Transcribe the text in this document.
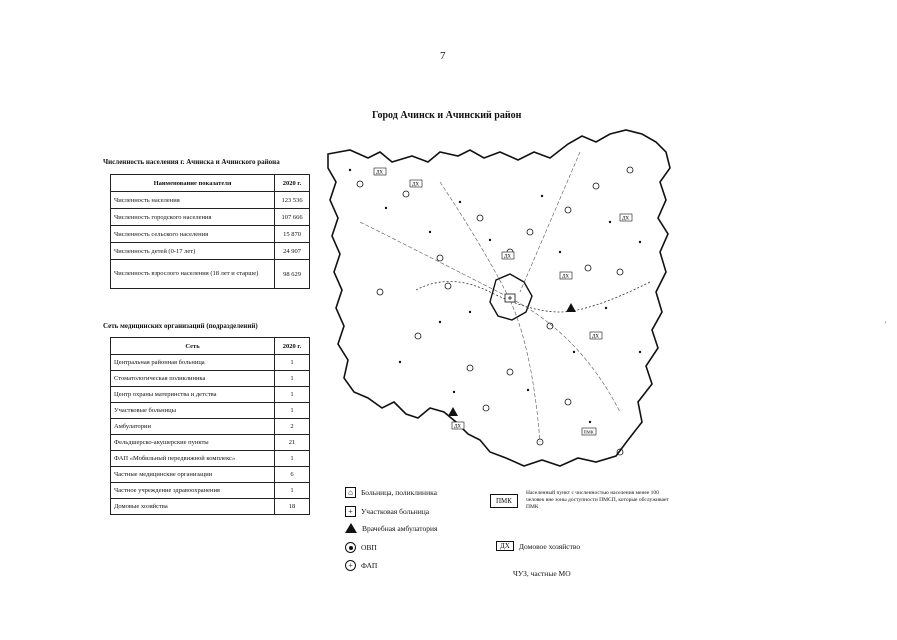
7
Город Ачинск и Ачинский район
Численность населения г. Ачинска и Ачинского района
Наименование показателя	2020 г.
Численность населения	123 536
Численность городского населения	107 666
Численность сельского населения	15 870
Численность детей (0-17 лет)	24 907
Численность взрослого населения (18 лет и старше)	98 629
Сеть медицинских организаций (подразделений)
Сеть	2020 г.
Центральная районная больница	1
Стоматологическая поликлиника	1
Центр охраны материнства и детства	1
Участковые больницы	1
Амбулатории	2
Фельдшерско-акушерские пункты	21
ФАП «Мобильный передвижной комплекс»	1
Частные медицинские организации	6
Частное учреждение здравоохранения	1
Домовые хозяйства	18
ДХ
ДХ
ДХ
ДХ
ДХ
ДХ
ДХ
ПМК
⌂	Больница, поликлиника
+	Участковая больница
Врачебная амбулатория
ОВП
+	ФАП
ПМК
Населенный пункт с численностью населения менее 100 человек вне зоны доступности ПМСП, которые обслуживает ПМК
ДХ	Домовое хозяйство
ЧУЗ, частные МО
'
